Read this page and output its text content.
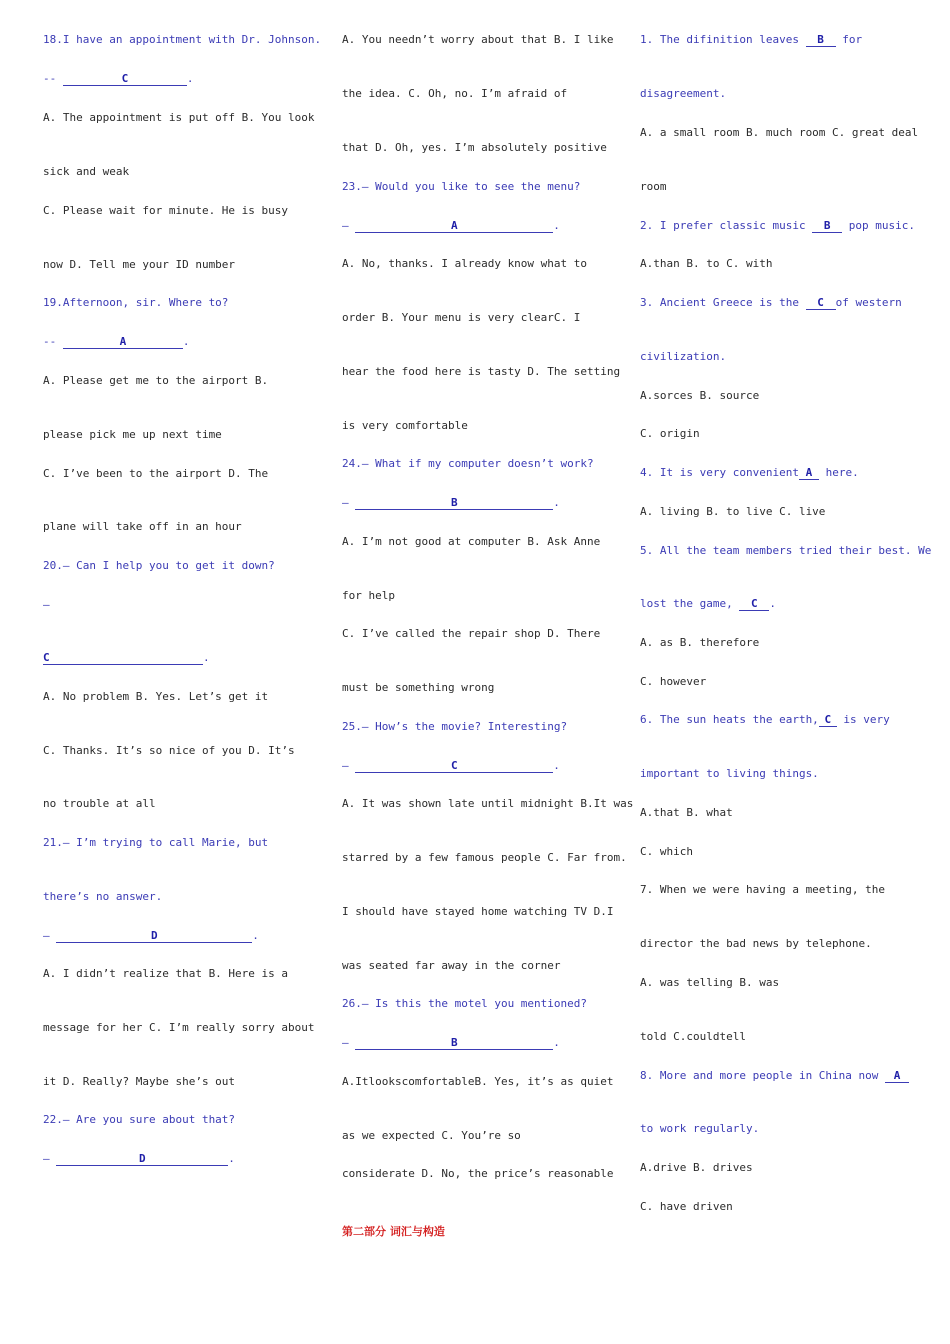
18.I have an appointment with Dr. Johnson.
--	C	.
A. The appointment is put off B. You look
sick and weak
C. Please wait for minute. He is busy
now D. Tell me your ID number
19.Afternoon, sir. Where to?
--	A	.
A. Please get me to the airport B.
please pick me up next time
C. I’ve been to the airport D. The
plane will take off in an hour
20.— Can I help you to get it down?
—
C	.
A. No problem B. Yes. Let’s get it
C. Thanks. It’s so nice of you D. It’s
no trouble at all
21.— I’m trying to call Marie, but
there’s no answer.
—	D	.
A. I didn’t realize that B. Here is a
message for her C. I’m really sorry about
it D. Really? Maybe she’s out
22.— Are you sure about that?
—	D	.
A. You needn’t worry about that B. I like
the idea. C. Oh, no. I’m afraid of
that D. Oh, yes. I’m absolutely positive
23.— Would you like to see the menu?
—	A	.
A. No, thanks. I already know what to
order B. Your menu is very clearC. I
hear the food here is tasty D. The setting
is very comfortable
24.— What if my computer doesn’t work?
—	B	.
A. I’m not good at computer B. Ask Anne
for help
C. I’ve called the repair shop D. There
must be something wrong
25.— How’s the movie? Interesting?
—	C	.
A. It was shown late until midnight B.It was
starred by a few famous people C. Far from.
I should have stayed home watching TV D.I
was seated far away in the corner
26.— Is this the motel you mentioned?
—	B	.
A.ItlookscomfortableB. Yes, it’s as quiet
as we expected C. You’re so
considerate D. No, the price’s reasonable
第二部分 词汇与构造
1. The difinition leaves B for
disagreement.
A. a small room B. much room C. great deal
room
2. I prefer classic music B pop music.
A.than B. to C. with
3. Ancient Greece is the C of western
civilization.
A.sorces B. source
C. origin
4. It is very convenient A here.
A. living B. to live C. live
5. All the team members tried their best. We
lost the game, C .
A. as B. therefore
C. however
6. The sun heats the earth, C is very
important to living things.
A.that B. what
C. which
7. When we were having a meeting, the
director the bad news by telephone.
A. was telling B. was
told C.couldtell
8. More and more people in China now A
to work regularly.
A.drive B. drives
C. have driven
